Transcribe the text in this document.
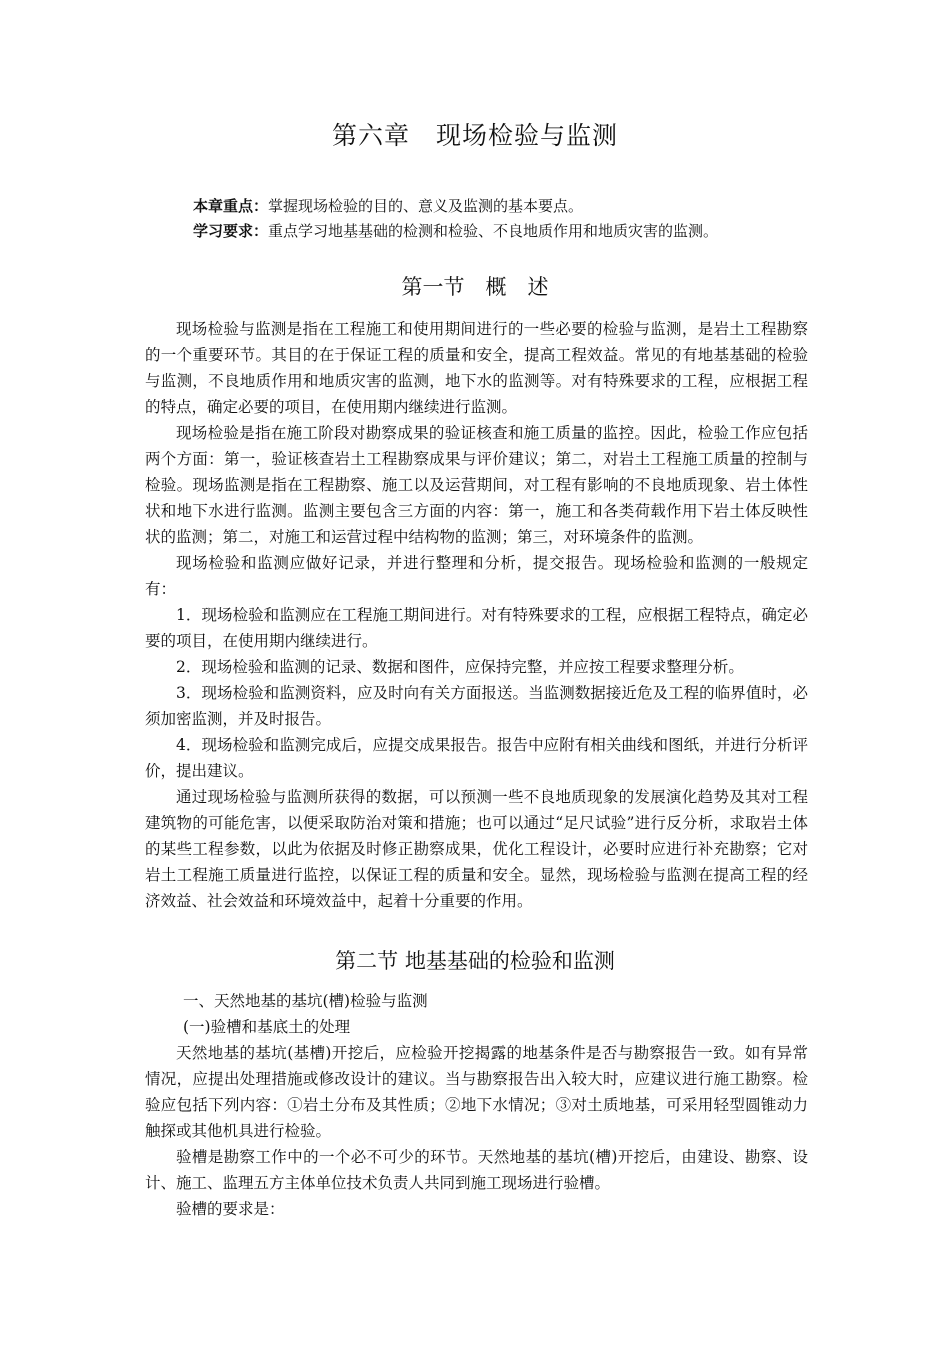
第六章　现场检验与监测
本章重点：掌握现场检验的目的、意义及监测的基本要点。
学习要求：重点学习地基基础的检测和检验、不良地质作用和地质灾害的监测。
第一节　概　述

现场检验与监测是指在工程施工和使用期间进行的一些必要的检验与监测，是岩土工程勘察的一个重要环节。其目的在于保证工程的质量和安全，提高工程效益。常见的有地基基础的检验与监测，不良地质作用和地质灾害的监测，地下水的监测等。对有特殊要求的工程，应根据工程的特点，确定必要的项目，在使用期内继续进行监测。

现场检验是指在施工阶段对勘察成果的验证核查和施工质量的监控。因此，检验工作应包括两个方面：第一，验证核查岩土工程勘察成果与评价建议；第二，对岩土工程施工质量的控制与检验。现场监测是指在工程勘察、施工以及运营期间，对工程有影响的不良地质现象、岩土体性状和地下水进行监测。监测主要包含三方面的内容：第一，施工和各类荷载作用下岩土体反映性状的监测；第二，对施工和运营过程中结构物的监测；第三，对环境条件的监测。

现场检验和监测应做好记录，并进行整理和分析，提交报告。现场检验和监测的一般规定有：

1．现场检验和监测应在工程施工期间进行。对有特殊要求的工程，应根据工程特点，确定必要的项目，在使用期内继续进行。

2．现场检验和监测的记录、数据和图件，应保持完整，并应按工程要求整理分析。

3．现场检验和监测资料，应及时向有关方面报送。当监测数据接近危及工程的临界值时，必须加密监测，并及时报告。

4．现场检验和监测完成后，应提交成果报告。报告中应附有相关曲线和图纸，并进行分析评价，提出建议。

通过现场检验与监测所获得的数据，可以预测一些不良地质现象的发展演化趋势及其对工程建筑物的可能危害，以便采取防治对策和措施；也可以通过“足尺试验”进行反分析，求取岩土体的某些工程参数，以此为依据及时修正勘察成果，优化工程设计，必要时应进行补充勘察；它对岩土工程施工质量进行监控，以保证工程的质量和安全。显然，现场检验与监测在提高工程的经济效益、社会效益和环境效益中，起着十分重要的作用。

第二节 地基基础的检验和监测

一、天然地基的基坑(槽)检验与监测

(一)验槽和基底土的处理

天然地基的基坑(基槽)开挖后，应检验开挖揭露的地基条件是否与勘察报告一致。如有异常情况，应提出处理措施或修改设计的建议。当与勘察报告出入较大时，应建议进行施工勘察。检验应包括下列内容：①岩土分布及其性质；②地下水情况；③对土质地基，可采用轻型圆锥动力触探或其他机具进行检验。

验槽是勘察工作中的一个必不可少的环节。天然地基的基坑(槽)开挖后，由建设、勘察、设计、施工、监理五方主体单位技术负责人共同到施工现场进行验槽。

验槽的要求是：
